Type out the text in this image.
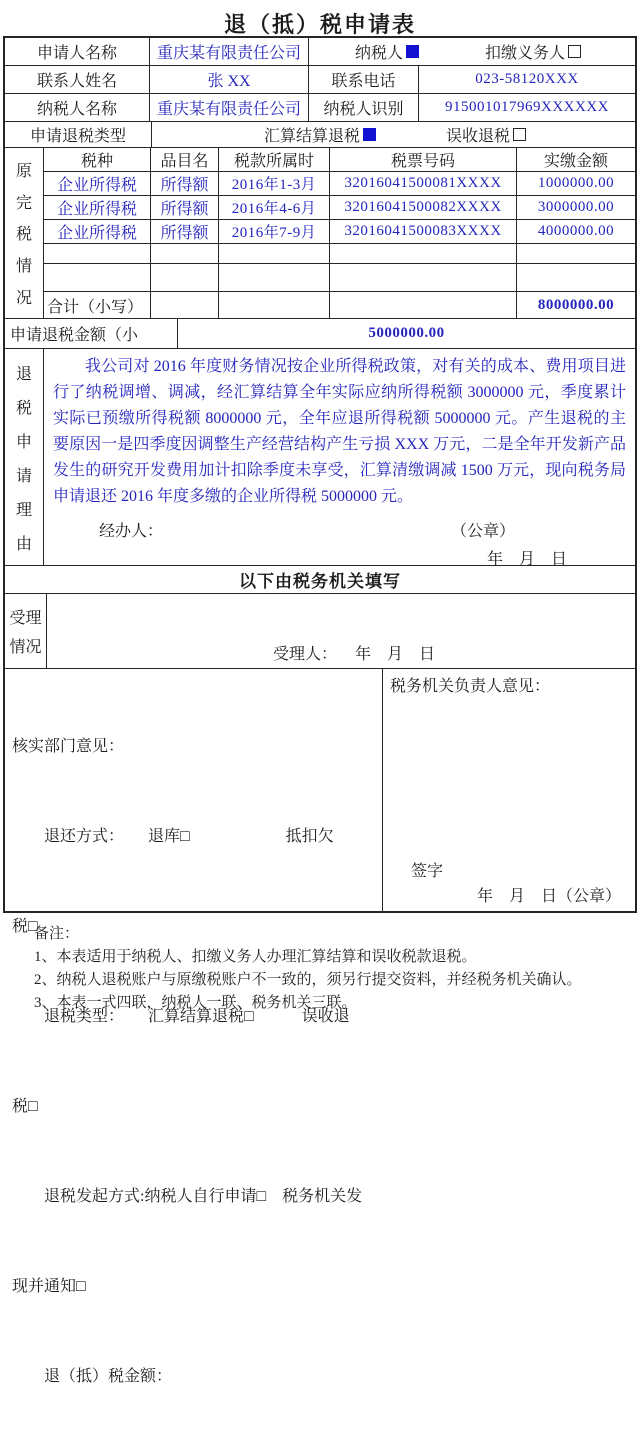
退（抵）税申请表
申请人名称	重庆某有限责任公司	纳税人	扣缴义务人
联系人姓名	张 XX	联系电话	023-58120XXX
纳税人名称	重庆某有限责任公司	纳税人识别	915001017969XXXXXX
申请退税类型	汇算结算退税	误收退税
原
完
税
情
况
税种	品目名	税款所属时	税票号码	实缴金额
企业所得税	所得额	2016年1-3月	32016041500081XXXX	1000000.00
企业所得税	所得额	2016年4-6月	32016041500082XXXX	3000000.00
企业所得税	所得额	2016年7-9月	32016041500083XXXX	4000000.00
合计（小写）	8000000.00
申请退税金额（小	5000000.00
退
税
申
请
理
由
我公司对 2016 年度财务情况按企业所得税政策，对有关的成本、费用项目进行了纳税调增、调减，经汇算结算全年实际应纳所得税额 3000000 元，季度累计实际已预缴所得税额 8000000 元，全年应退所得税额 5000000 元。产生退税的主要原因一是四季度因调整生产经营结构产生亏损 XXX 万元，二是全年开发新产品发生的研究开发费用加计扣除季度未享受，汇算清缴调减 1500 万元，现向税务局申请退还 2016 年度多缴的企业所得税 5000000 元。
经办人：	（公章）
年　月　日
以下由税务机关填写
受理
情况	受理人： 年　月　日

核实部门意见：

　　退还方式：　　退库□　　　　　　抵扣欠

税□

　　退税类型：　　汇算结算退税□　　　误收退

税□

　　退税发起方式:纳税人自行申请□　税务机关发

现并通知□

　　退（抵）税金额：

税务机关负责人意见：
签字
年　月　日（公章）
备注：
1、本表适用于纳税人、扣缴义务人办理汇算结算和误收税款退税。
2、纳税人退税账户与原缴税账户不一致的，须另行提交资料，并经税务机关确认。
3、本表一式四联，纳税人一联、税务机关三联。
